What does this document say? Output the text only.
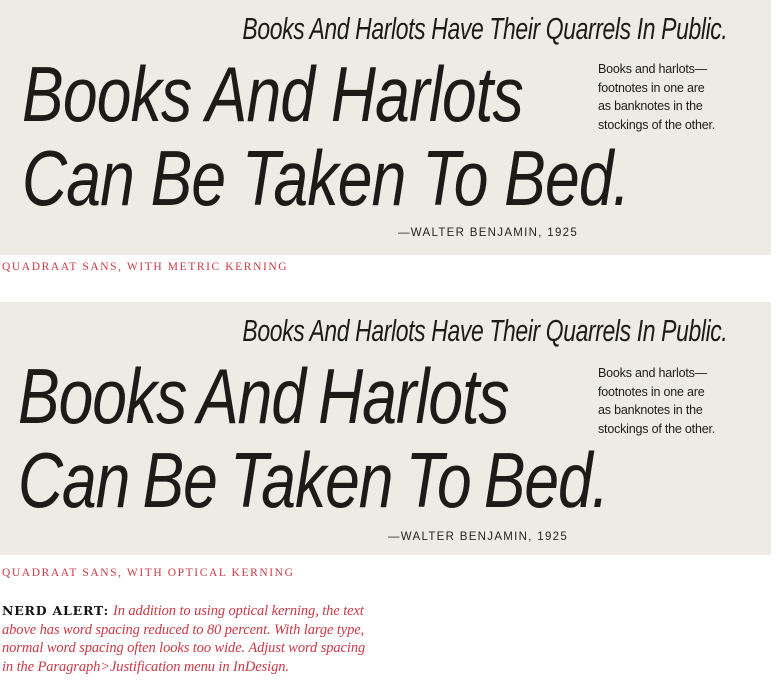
Books And Harlots Have Their Quarrels In Public.
Books And Harlots
Can Be Taken To Bed.
Books and harlots—
footnotes in one are
as banknotes in the
stockings of the other.
—WALTER BENJAMIN, 1925
QUADRAAT SANS, WITH METRIC KERNING
Books And Harlots Have Their Quarrels In Public.
Books And Harlots
Can Be Taken To Bed.
Books and harlots—
footnotes in one are
as banknotes in the
stockings of the other.
—WALTER BENJAMIN, 1925
QUADRAAT SANS, WITH OPTICAL KERNING
NERD ALERT: In addition to using optical kerning, the text
above has word spacing reduced to 80 percent. With large type,
normal word spacing often looks too wide. Adjust word spacing
in the Paragraph>Justification menu in InDesign.
